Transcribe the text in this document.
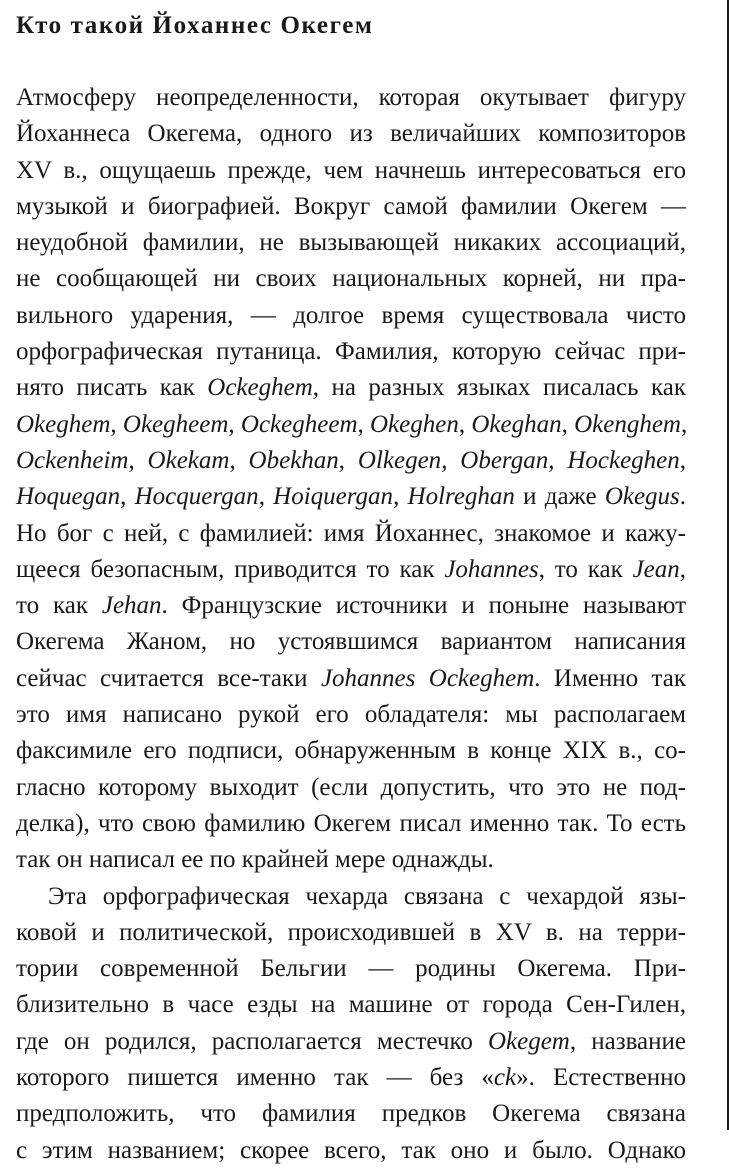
Кто такой Йоханнес Окегем
Атмосферу неопределенности, которая окутывает фигуру
Йоханнеса Окегема, одного из величайших композиторов
XV в., ощущаешь прежде, чем начнешь интересоваться его
музыкой и биографией. Вокруг самой фамилии Окегем —
неудобной фамилии, не вызывающей никаких ассоциаций,
не сообщающей ни своих национальных корней, ни пра-
вильного ударения, — долгое время существовала чисто
орфографическая путаница. Фамилия, которую сейчас при-
нято писать как Ockeghem, на разных языках писалась как
Okeghem, Okegheem, Ockegheem, Okeghen, Okeghan, Okenghem,
Ockenheim, Okekam, Obekhan, Olkegen, Obergan, Hockeghen,
Hoquegan, Hocquergan, Hoiquergan, Holreghan и даже Okegus.
Но бог с ней, с фамилией: имя Йоханнес, знакомое и кажу-
щееся безопасным, приводится то как Johannes, то как Jean,
то как Jehan. Французские источники и поныне называют
Окегема Жаном, но устоявшимся вариантом написания
сейчас считается все-таки Johannes Ockeghem. Именно так
это имя написано рукой его обладателя: мы располагаем
факсимиле его подписи, обнаруженным в конце XIX в., со-
гласно которому выходит (если допустить, что это не под-
делка), что свою фамилию Окегем писал именно так. То есть
так он написал ее по крайней мере однажды.
Эта орфографическая чехарда связана с чехардой язы-
ковой и политической, происходившей в XV в. на терри-
тории современной Бельгии — родины Окегема. При-
близительно в часе езды на машине от города Сен-Гилен,
где он родился, располагается местечко Okegem, название
которого пишется именно так — без «ck». Естественно
предположить, что фамилия предков Окегема связана
с этим названием; скорее всего, так оно и было. Однако
